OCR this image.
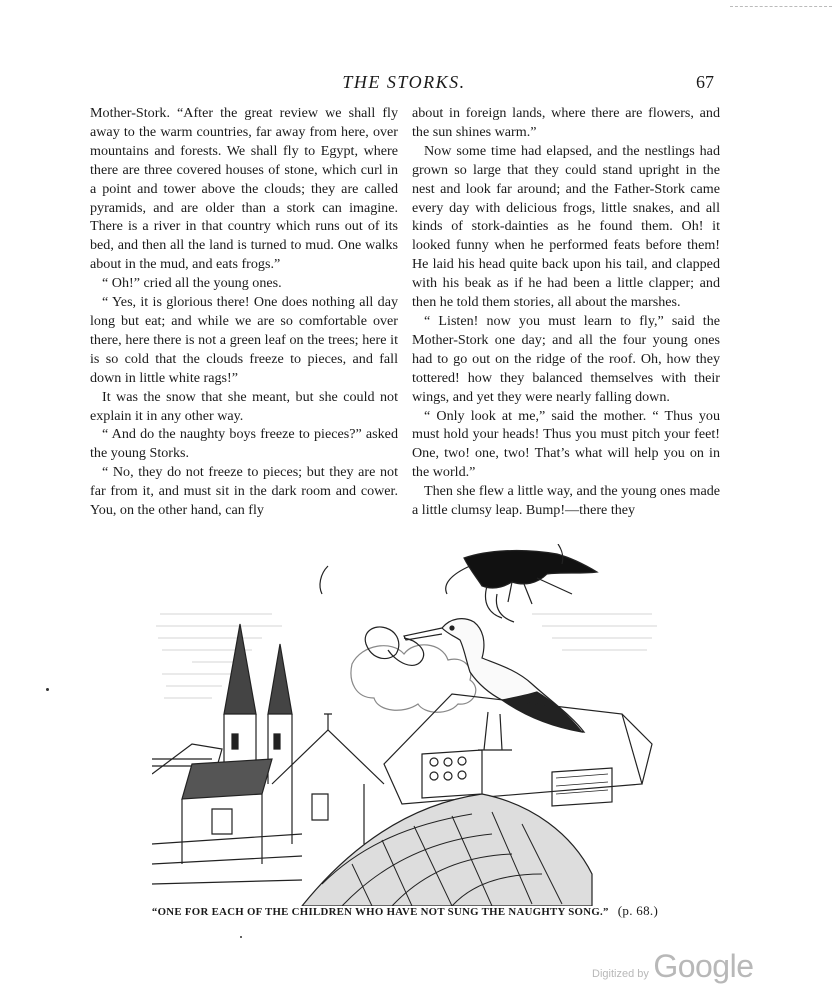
THE STORKS.	67

Mother-Stork. “After the great review we shall fly away to the warm countries, far away from here, over mountains and forests. We shall fly to Egypt, where there are three covered houses of stone, which curl in a point and tower above the clouds; they are called pyramids, and are older than a stork can imagine. There is a river in that country which runs out of its bed, and then all the land is turned to mud. One walks about in the mud, and eats frogs.”

“ Oh!” cried all the young ones.

“ Yes, it is glorious there! One does nothing all day long but eat; and while we are so comfortable over there, here there is not a green leaf on the trees; here it is so cold that the clouds freeze to pieces, and fall down in little white rags!”

It was the snow that she meant, but she could not explain it in any other way.

“ And do the naughty boys freeze to pieces?” asked the young Storks.

“ No, they do not freeze to pieces; but they are not far from it, and must sit in the dark room and cower. You, on the other hand, can fly

about in foreign lands, where there are flowers, and the sun shines warm.”

Now some time had elapsed, and the nestlings had grown so large that they could stand upright in the nest and look far around; and the Father-Stork came every day with delicious frogs, little snakes, and all kinds of stork-dainties as he found them. Oh! it looked funny when he performed feats before them! He laid his head quite back upon his tail, and clapped with his beak as if he had been a little clapper; and then he told them stories, all about the marshes.

“ Listen! now you must learn to fly,” said the Mother-Stork one day; and all the four young ones had to go out on the ridge of the roof. Oh, how they tottered! how they balanced themselves with their wings, and yet they were nearly falling down.

“ Only look at me,” said the mother. “ Thus you must hold your heads! Thus you must pitch your feet! One, two! one, two! That’s what will help you on in the world.”

Then she flew a little way, and the young ones made a little clumsy leap. Bump!—there they

“ONE FOR EACH OF THE CHILDREN WHO HAVE NOT SUNG THE NAUGHTY SONG.” (p. 68.)
Digitized by Google
